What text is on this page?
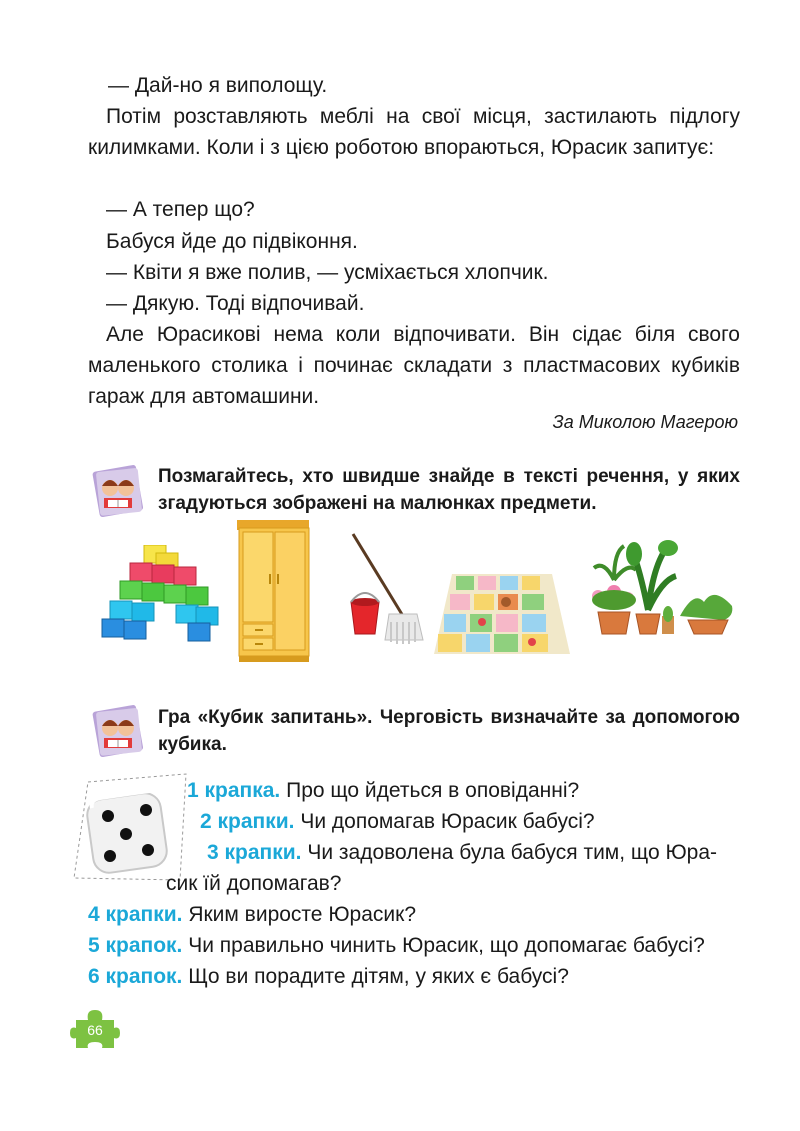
— Дай-но я виполощу.
Потім розставляють меблі на свої місця, застилають підлогу килимками. Коли і з цією роботою впораються, Юрасик запитує:
— А тепер що?
Бабуся йде до підвіконня.
— Квіти я вже полив, — усміхається хлопчик.
— Дякую. Тоді відпочивай.
Але Юрасикові нема коли відпочивати. Він сідає біля свого маленького столика і починає складати з пластмасових кубиків гараж для автомашини.
За Миколою Магерою
Позмагайтесь, хто швидше знайде в тексті речення, у яких згадуються зображені на малюнках предмети.
Гра «Кубик запитань». Черговість визначайте за допомогою кубика.
1 крапка. Про що йдеться в оповіданні?
2 крапки. Чи допомагав Юрасик бабусі?
3 крапки. Чи задоволена була бабуся тим, що Юра-
сик їй допомагав?
4 крапки. Яким виросте Юрасик?
5 крапок. Чи правильно чинить Юрасик, що допомагає бабусі?
6 крапок. Що ви порадите дітям, у яких є бабусі?
66
